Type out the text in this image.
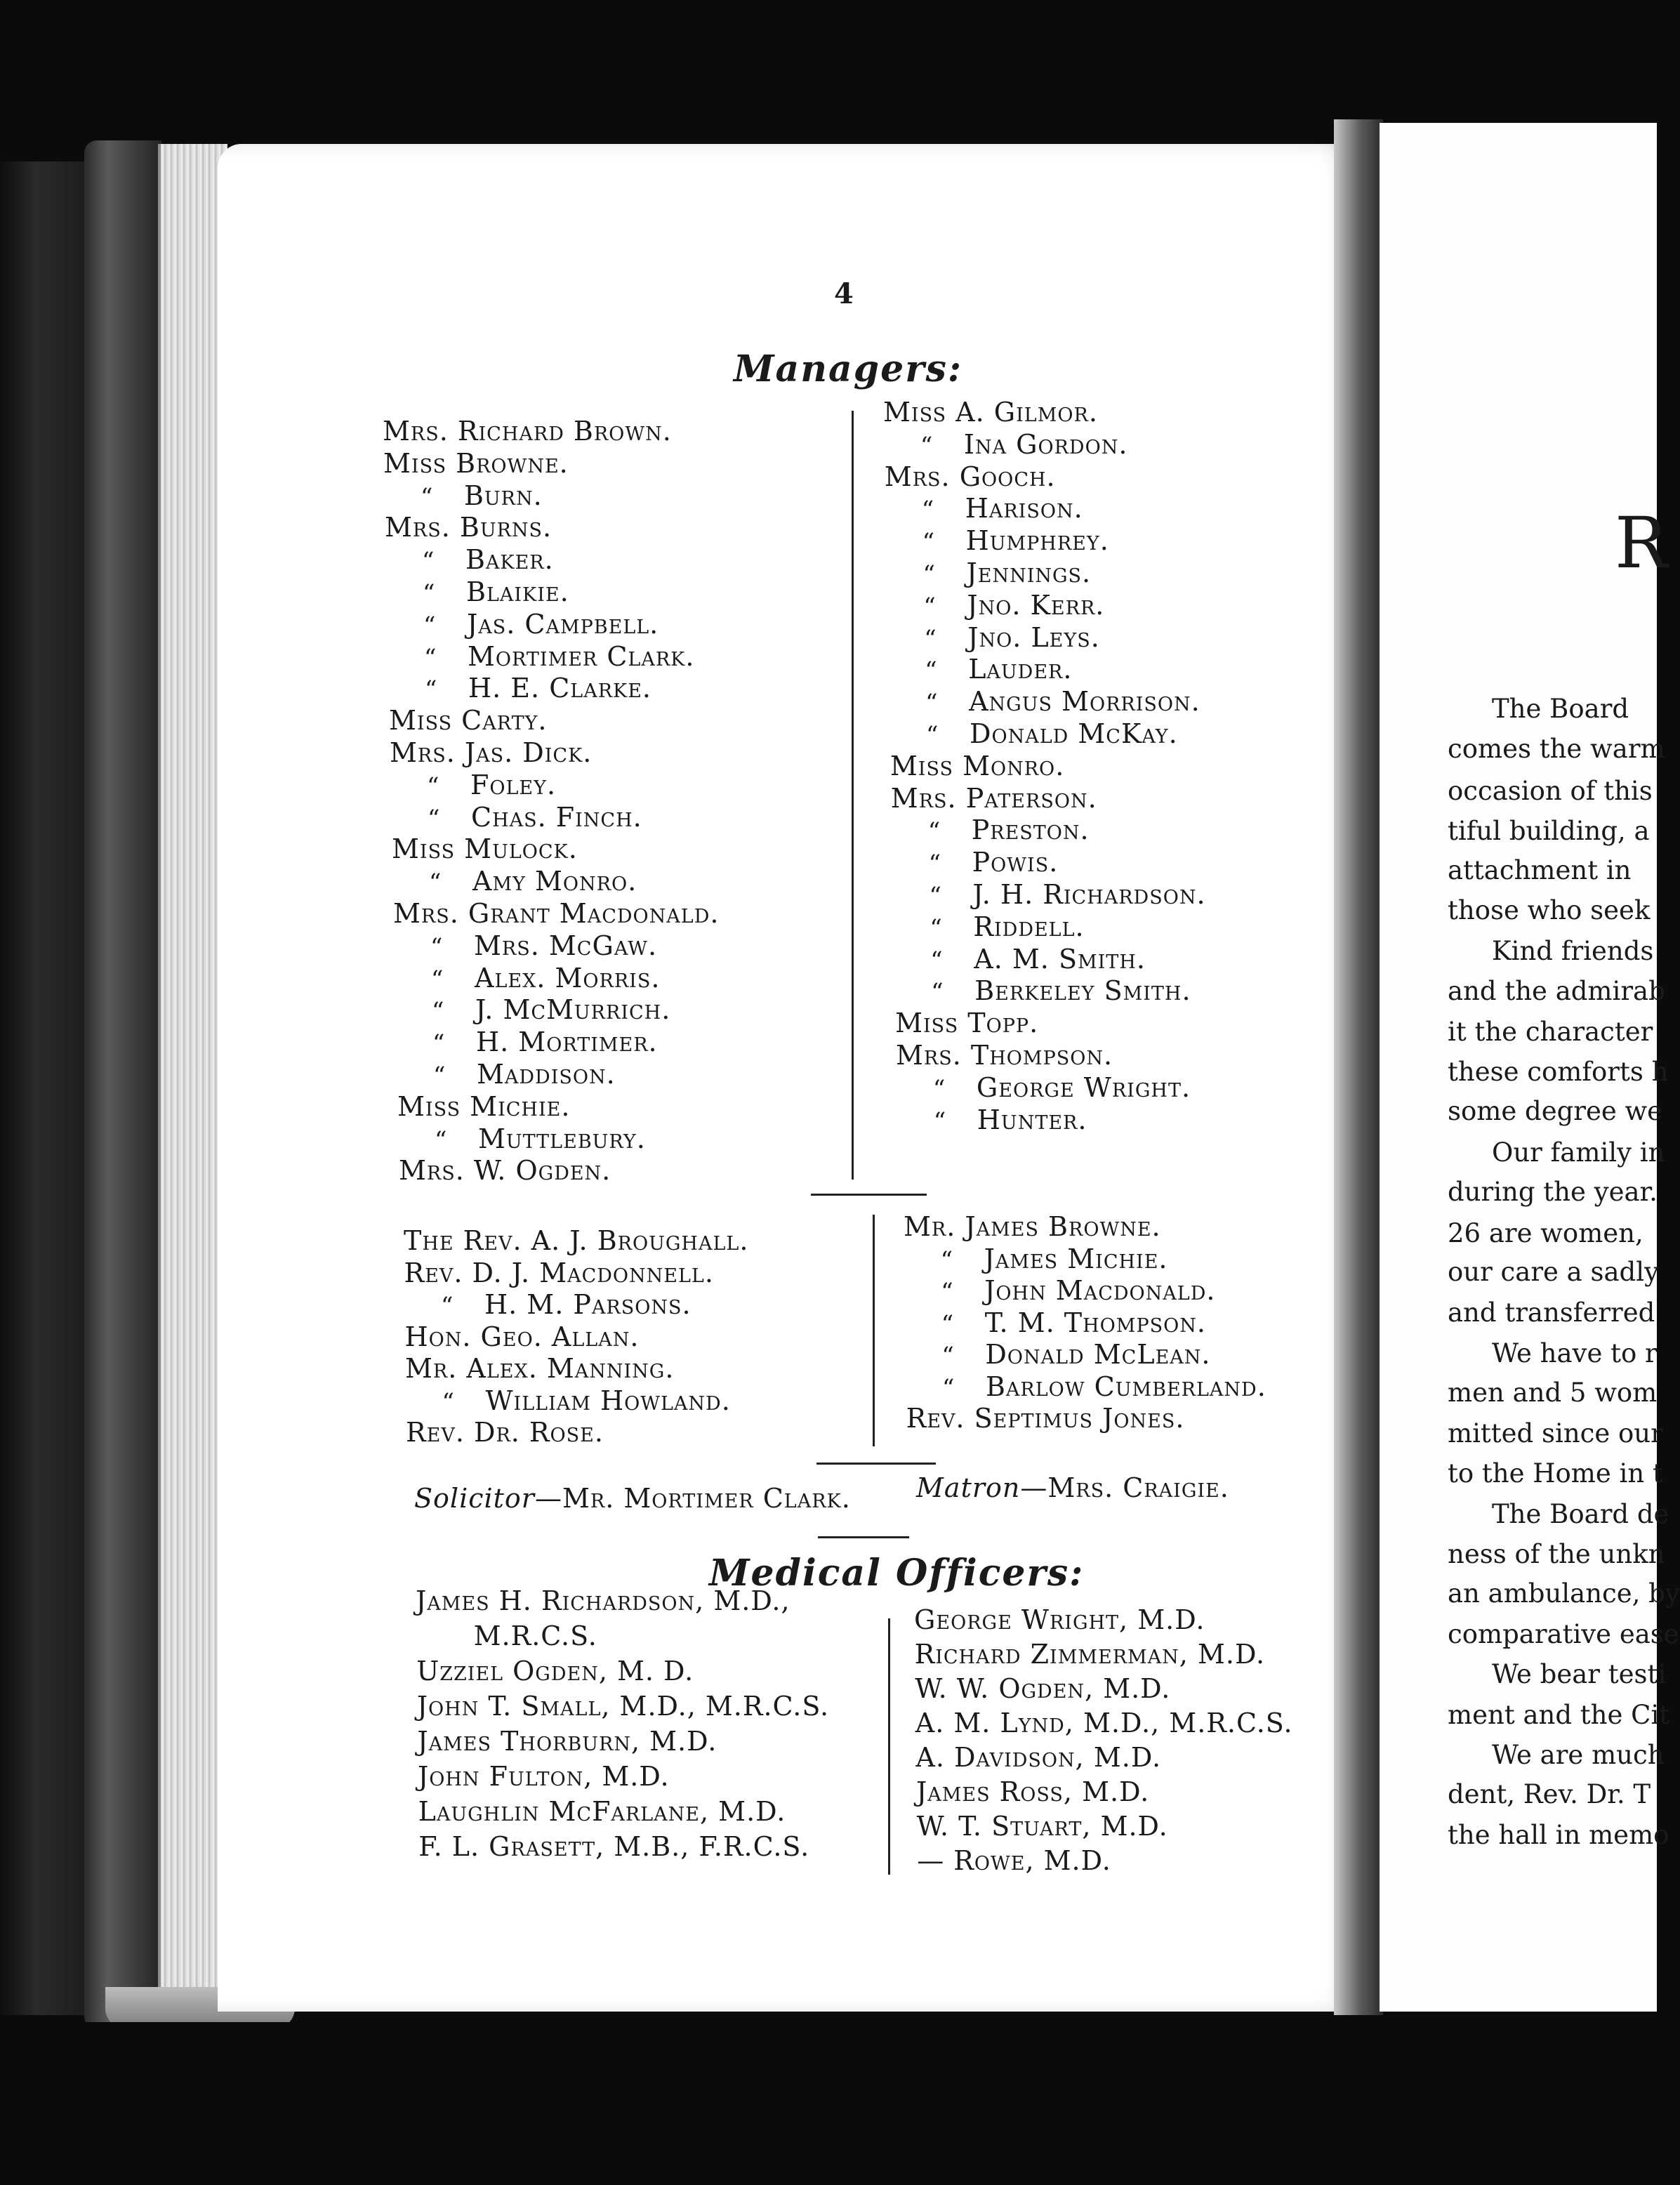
4
Managers:
Mrs. Richard Brown.
Miss Browne.
“ Burn.
Mrs. Burns.
“ Baker.
“ Blaikie.
“ Jas. Campbell.
“ Mortimer Clark.
“ H. E. Clarke.
Miss Carty.
Mrs. Jas. Dick.
“ Foley.
“ Chas. Finch.
Miss Mulock.
“ Amy Monro.
Mrs. Grant Macdonald.
“ Mrs. McGaw.
“ Alex. Morris.
“ J. McMurrich.
“ H. Mortimer.
“ Maddison.
Miss Michie.
“ Muttlebury.
Mrs. W. Ogden.
Miss A. Gilmor.
“ Ina Gordon.
Mrs. Gooch.
“ Harison.
“ Humphrey.
“ Jennings.
“ Jno. Kerr.
“ Jno. Leys.
“ Lauder.
“ Angus Morrison.
“ Donald McKay.
Miss Monro.
Mrs. Paterson.
“ Preston.
“ Powis.
“ J. H. Richardson.
“ Riddell.
“ A. M. Smith.
“ Berkeley Smith.
Miss Topp.
Mrs. Thompson.
“ George Wright.
“ Hunter.
The Rev. A. J. Broughall.
Rev. D. J. Macdonnell.
“ H. M. Parsons.
Hon. Geo. Allan.
Mr. Alex. Manning.
“ William Howland.
Rev. Dr. Rose.
Mr. James Browne.
“ James Michie.
“ John Macdonald.
“ T. M. Thompson.
“ Donald McLean.
“ Barlow Cumberland.
Rev. Septimus Jones.
Solicitor—Mr. Mortimer Clark. Matron—Mrs. Craigie.
Medical Officers:
James H. Richardson, M.D.,
M.R.C.S.
Uzziel Ogden, M. D.
John T. Small, M.D., M.R.C.S.
James Thorburn, M.D.
John Fulton, M.D.
Laughlin McFarlane, M.D.
F. L. Grasett, M.B., F.R.C.S.
George Wright, M.D.
Richard Zimmerman, M.D.
W. W. Ogden, M.D.
A. M. Lynd, M.D., M.R.C.S.
A. Davidson, M.D.
James Ross, M.D.
W. T. Stuart, M.D.
— Rowe, M.D.
R
The Board
comes the warm
occasion of this
tiful building, a
attachment in
those who seek
Kind friends
and the admirab
it the character
these comforts h
some degree we
Our family in
during the year.
26 are women,
our care a sadly
and transferred
We have to r
men and 5 wom
mitted since our
to the Home in t
The Board de
ness of the unkn
an ambulance, by
comparative ease
We bear testi
ment and the Cit
We are much
dent, Rev. Dr. T
the hall in memo
